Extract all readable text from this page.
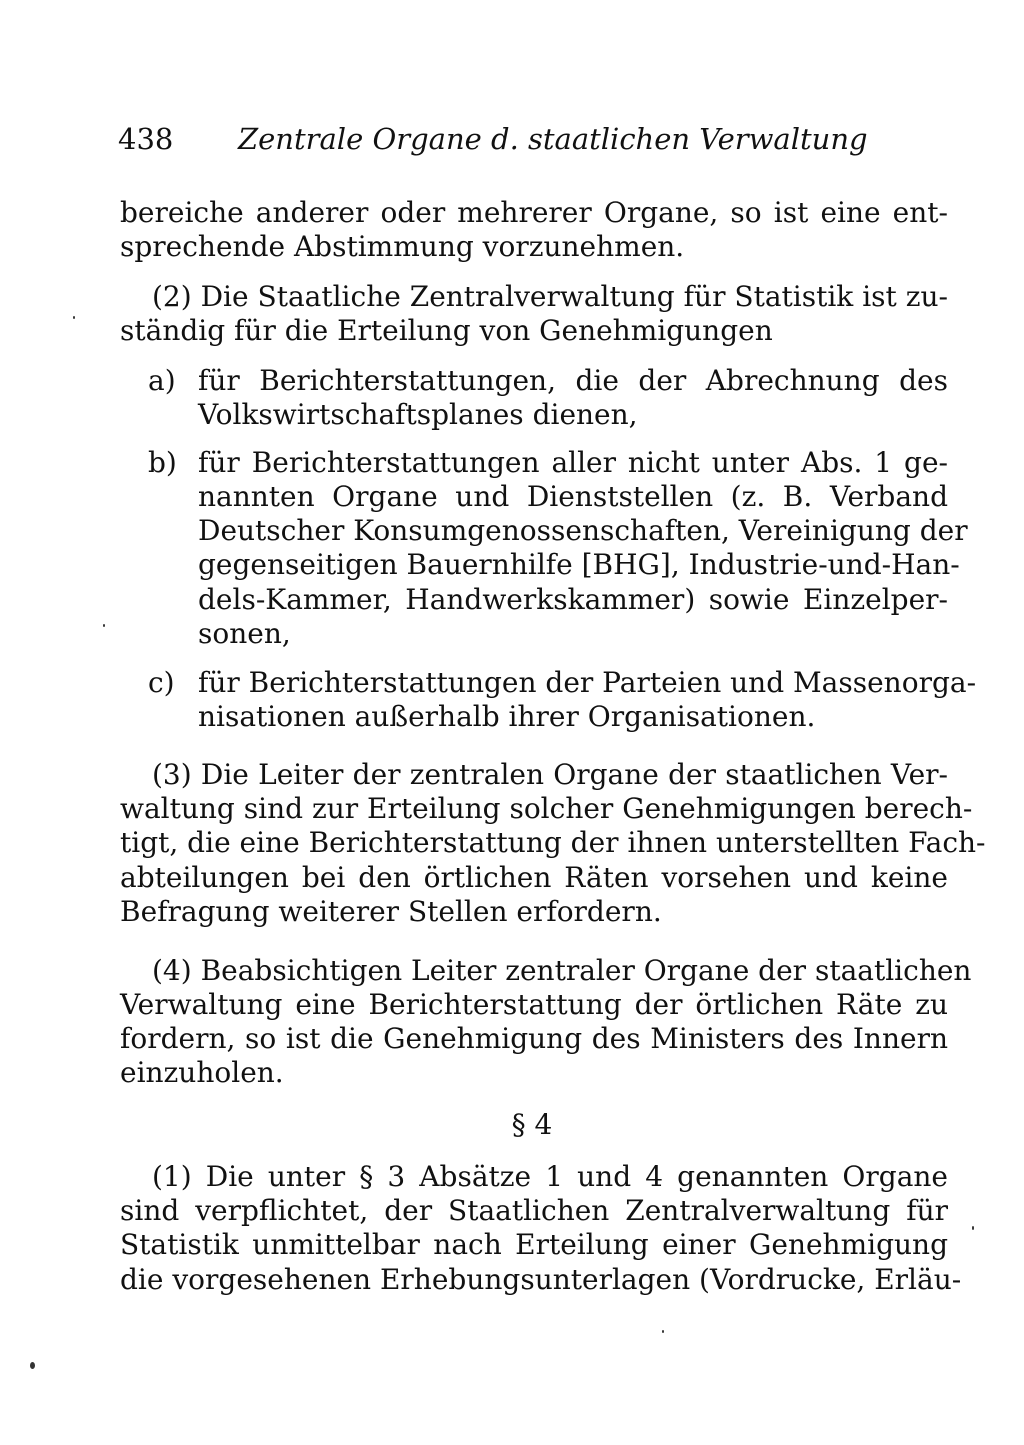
438 Zentrale Organe d. staatlichen Verwaltung
bereiche anderer oder mehrerer Organe, so ist eine ent-
sprechende Abstimmung vorzunehmen.
(2) Die Staatliche Zentralverwaltung für Statistik ist zu-
ständig für die Erteilung von Genehmigungen
a) für Berichterstattungen, die der Abrechnung des
Volkswirtschaftsplanes dienen,
b) für Berichterstattungen aller nicht unter Abs. 1 ge-
nannten Organe und Dienststellen (z. B. Verband
Deutscher Konsumgenossenschaften, Vereinigung der
gegenseitigen Bauernhilfe [BHG], Industrie-und-Han-
dels-Kammer, Handwerkskammer) sowie Einzelper-
sonen,
c) für Berichterstattungen der Parteien und Massenorga-
nisationen außerhalb ihrer Organisationen.
(3) Die Leiter der zentralen Organe der staatlichen Ver-
waltung sind zur Erteilung solcher Genehmigungen berech-
tigt, die eine Berichterstattung der ihnen unterstellten Fach-
abteilungen bei den örtlichen Räten vorsehen und keine
Befragung weiterer Stellen erfordern.
(4) Beabsichtigen Leiter zentraler Organe der staatlichen
Verwaltung eine Berichterstattung der örtlichen Räte zu
fordern, so ist die Genehmigung des Ministers des Innern
einzuholen.
§ 4
(1) Die unter § 3 Absätze 1 und 4 genannten Organe
sind verpflichtet, der Staatlichen Zentralverwaltung für
Statistik unmittelbar nach Erteilung einer Genehmigung
die vorgesehenen Erhebungsunterlagen (Vordrucke, Erläu-
